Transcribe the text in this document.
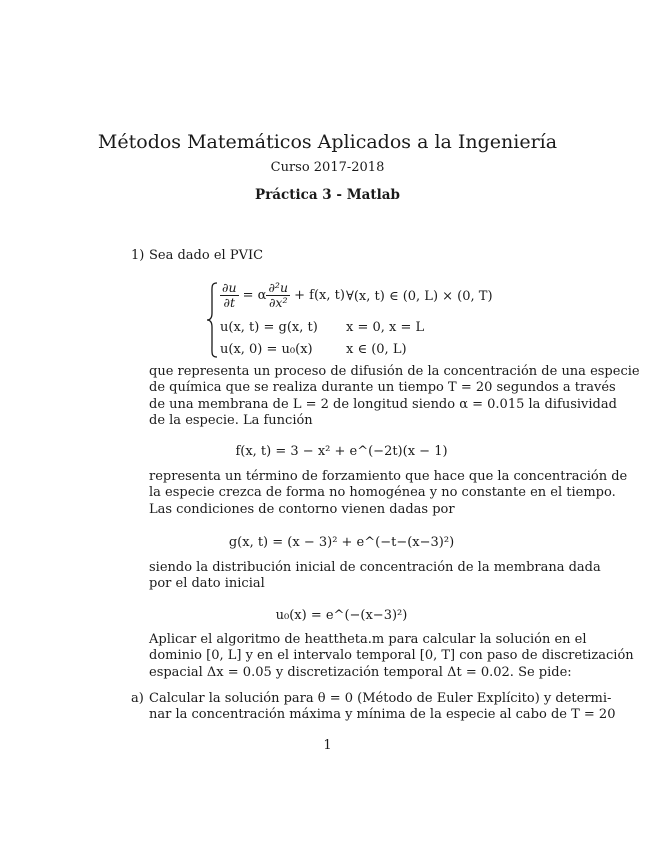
Métodos Matemáticos Aplicados a la Ingeniería
Curso 2017-2018
Práctica 3 - Matlab
1) Sea dado el PVIC
$\frac{\partial u}{\partial t} = \alpha \frac{\text{∂²u}}{\text{∂x²}} + f(x$, t) ∀(x, t) ∈ (0, L) × (0, T)
u(x, t) = g(x, t) x = 0, x = L
u(x, 0) = u₀(x)	x ∈ (0, L)
que representa un proceso de difusión de la concentración de una especie
de química que se realiza durante un tiempo T = 20 segundos a través
de una membrana de L = 2 de longitud siendo α = 0.015 la difusividad
de la especie. La función
f(x, t) = 3 − x² + e^(−2t)(x − 1)
representa un término de forzamiento que hace que la concentración de
la especie crezca de forma no homogénea y no constante en el tiempo.
Las condiciones de contorno vienen dadas por
g(x, t) = (x − 3)² + e^(−t−(x−3)²)
siendo la distribución inicial de concentración de la membrana dada
por el dato inicial
u₀(x) = e^(−(x−3)²)
Aplicar el algoritmo de heattheta.m para calcular la solución en el
dominio [0, L] y en el intervalo temporal [0, T] con paso de discretización
espacial Δx = 0.05 y discretización temporal Δt = 0.02. Se pide:
a) Calcular la solución para θ = 0 (Método de Euler Explícito) y determi-
nar la concentración máxima y mínima de la especie al cabo de T = 20
1
